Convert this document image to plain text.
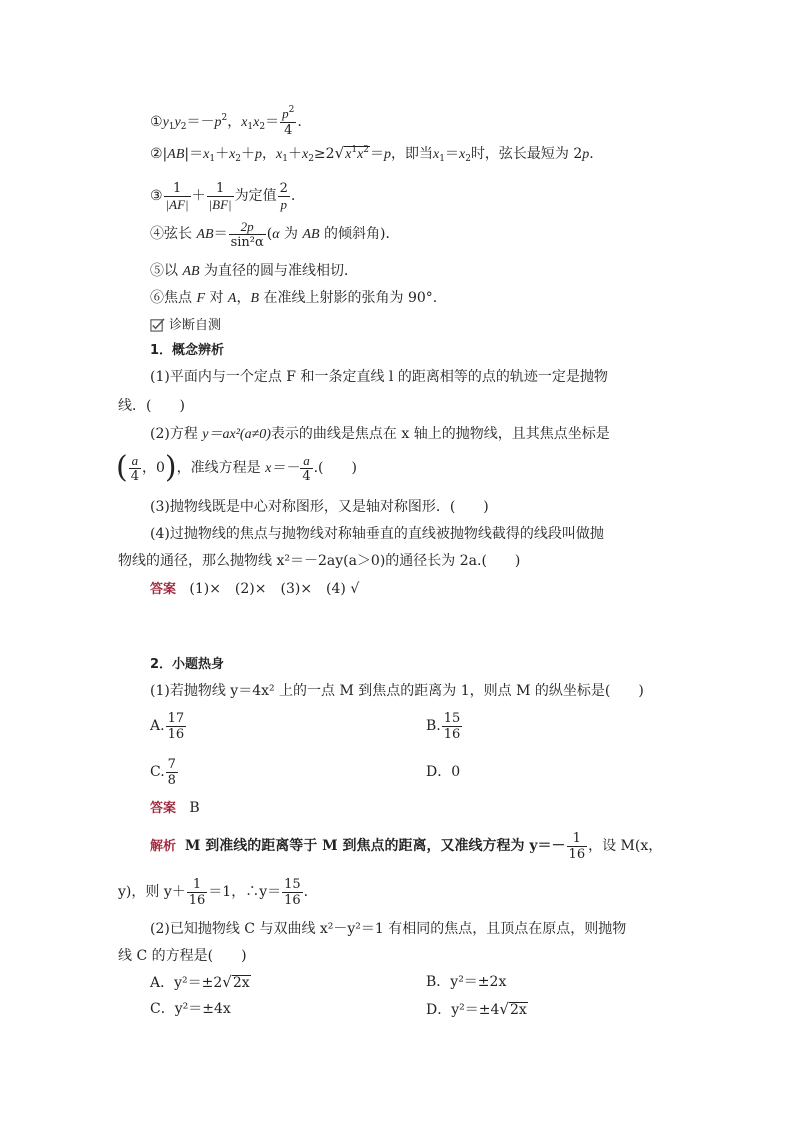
$①y_1y_2=-p^2$，$x_1x_2= \frac{p^2}{4}$ .
$②|AB|=x_1+x_2+p$，$x_1+x_2\ge 2√x^1x^2=p$，即当$x_1=x_2$时，弦长最短为 2p.
③ $\frac{1}{|AF|} + \frac{1}{|BF|}$ 为定值 $\frac{2}{p}$ .
④弦长 $AB= \frac{2p}{\text{sin²α}} (\alpha$ 为 AB 的倾斜角)．
⑤以 AB 为直径的圆与准线相切．
⑥焦点 F 对 A，B 在准线上射影的张角为 90°.
诊断自测
1．概念辨析
(1)平面内与一个定点 F 和一条定直线 l 的距离相等的点的轨迹一定是抛物
线．(　　)
(2)方程 y＝ax²(a≠0)表示的曲线是焦点在 x 轴上的抛物线，且其焦点坐标是
( $\frac{a}{4}$ ，0)，准线方程是 $x=- \frac{a}{4}$ .(　　)
(3)抛物线既是中心对称图形，又是轴对称图形．(　　)
(4)过抛物线的焦点与抛物线对称轴垂直的直线被抛物线截得的线段叫做抛
物线的通径，那么抛物线 x²＝－2ay(a＞0)的通径长为 2a.(　　)
答案 (1)×　(2)×　(3)×　(4) √
2．小题热身
(1)若抛物线 y＝4x² 上的一点 M 到焦点的距离为 1，则点 M 的纵坐标是(　　)
A. $\frac{17}{16}$	B. $\frac{15}{16}$
C. $\frac{7}{8}$	D．0
答案 B
解析 M 到准线的距离等于 M 到焦点的距离，又准线方程为 $y=- \frac{1}{16}$ ，设 M(x，
y)，则 $y+ \frac{1}{16} =1$，∴y＝ $\frac{15}{16}$ .
(2)已知抛物线 C 与双曲线 x²－y²＝1 有相同的焦点，且顶点在原点，则抛物
线 C 的方程是(　　)
A．y²＝±2√2x	B．y²＝±2x
C．y²＝±4x	D．y²＝±4√2x
